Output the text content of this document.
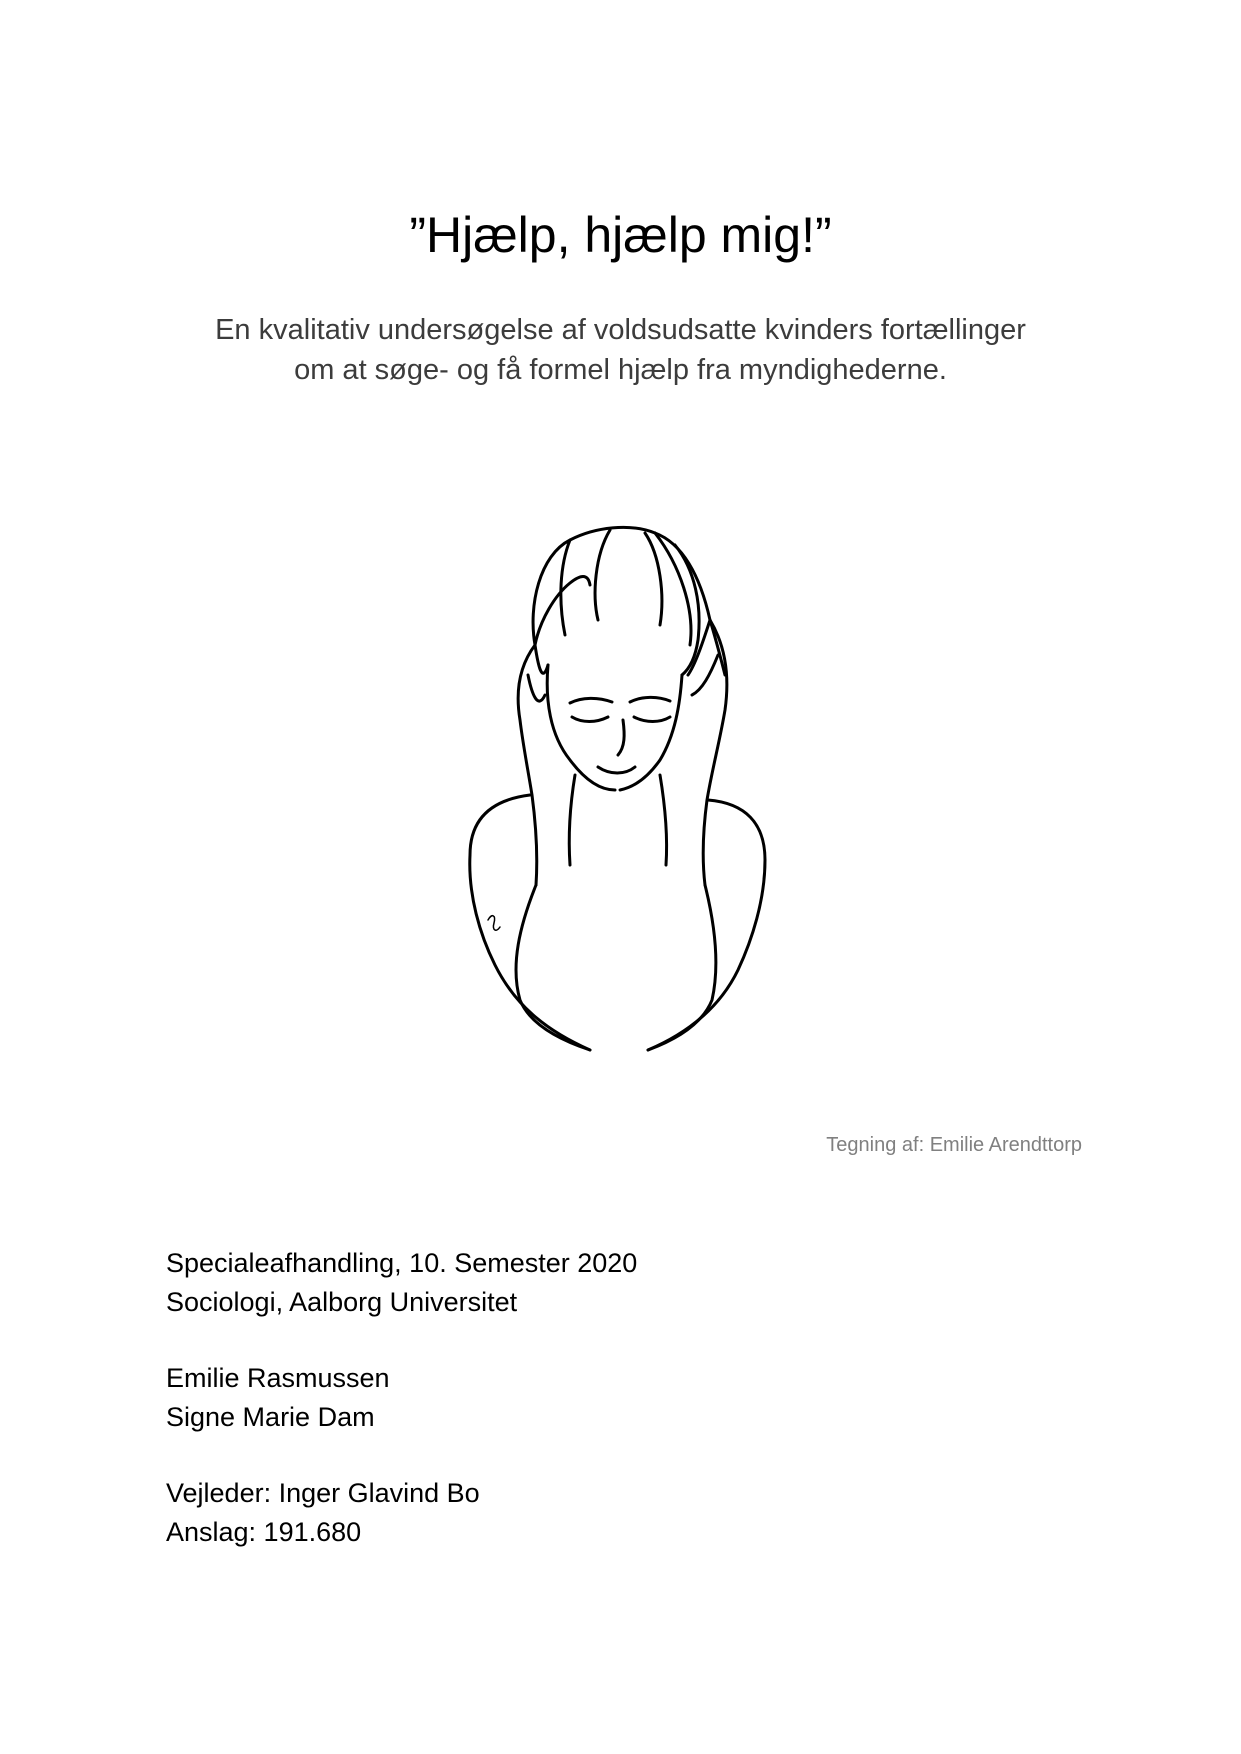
”Hjælp, hjælp mig!”
En kvalitativ undersøgelse af voldsudsatte kvinders fortællinger
om at søge- og få formel hjælp fra myndighederne.
Tegning af: Emilie Arendttorp
Specialeafhandling, 10. Semester 2020
Sociologi, Aalborg Universitet
Emilie Rasmussen
Signe Marie Dam
Vejleder: Inger Glavind Bo
Anslag: 191.680
